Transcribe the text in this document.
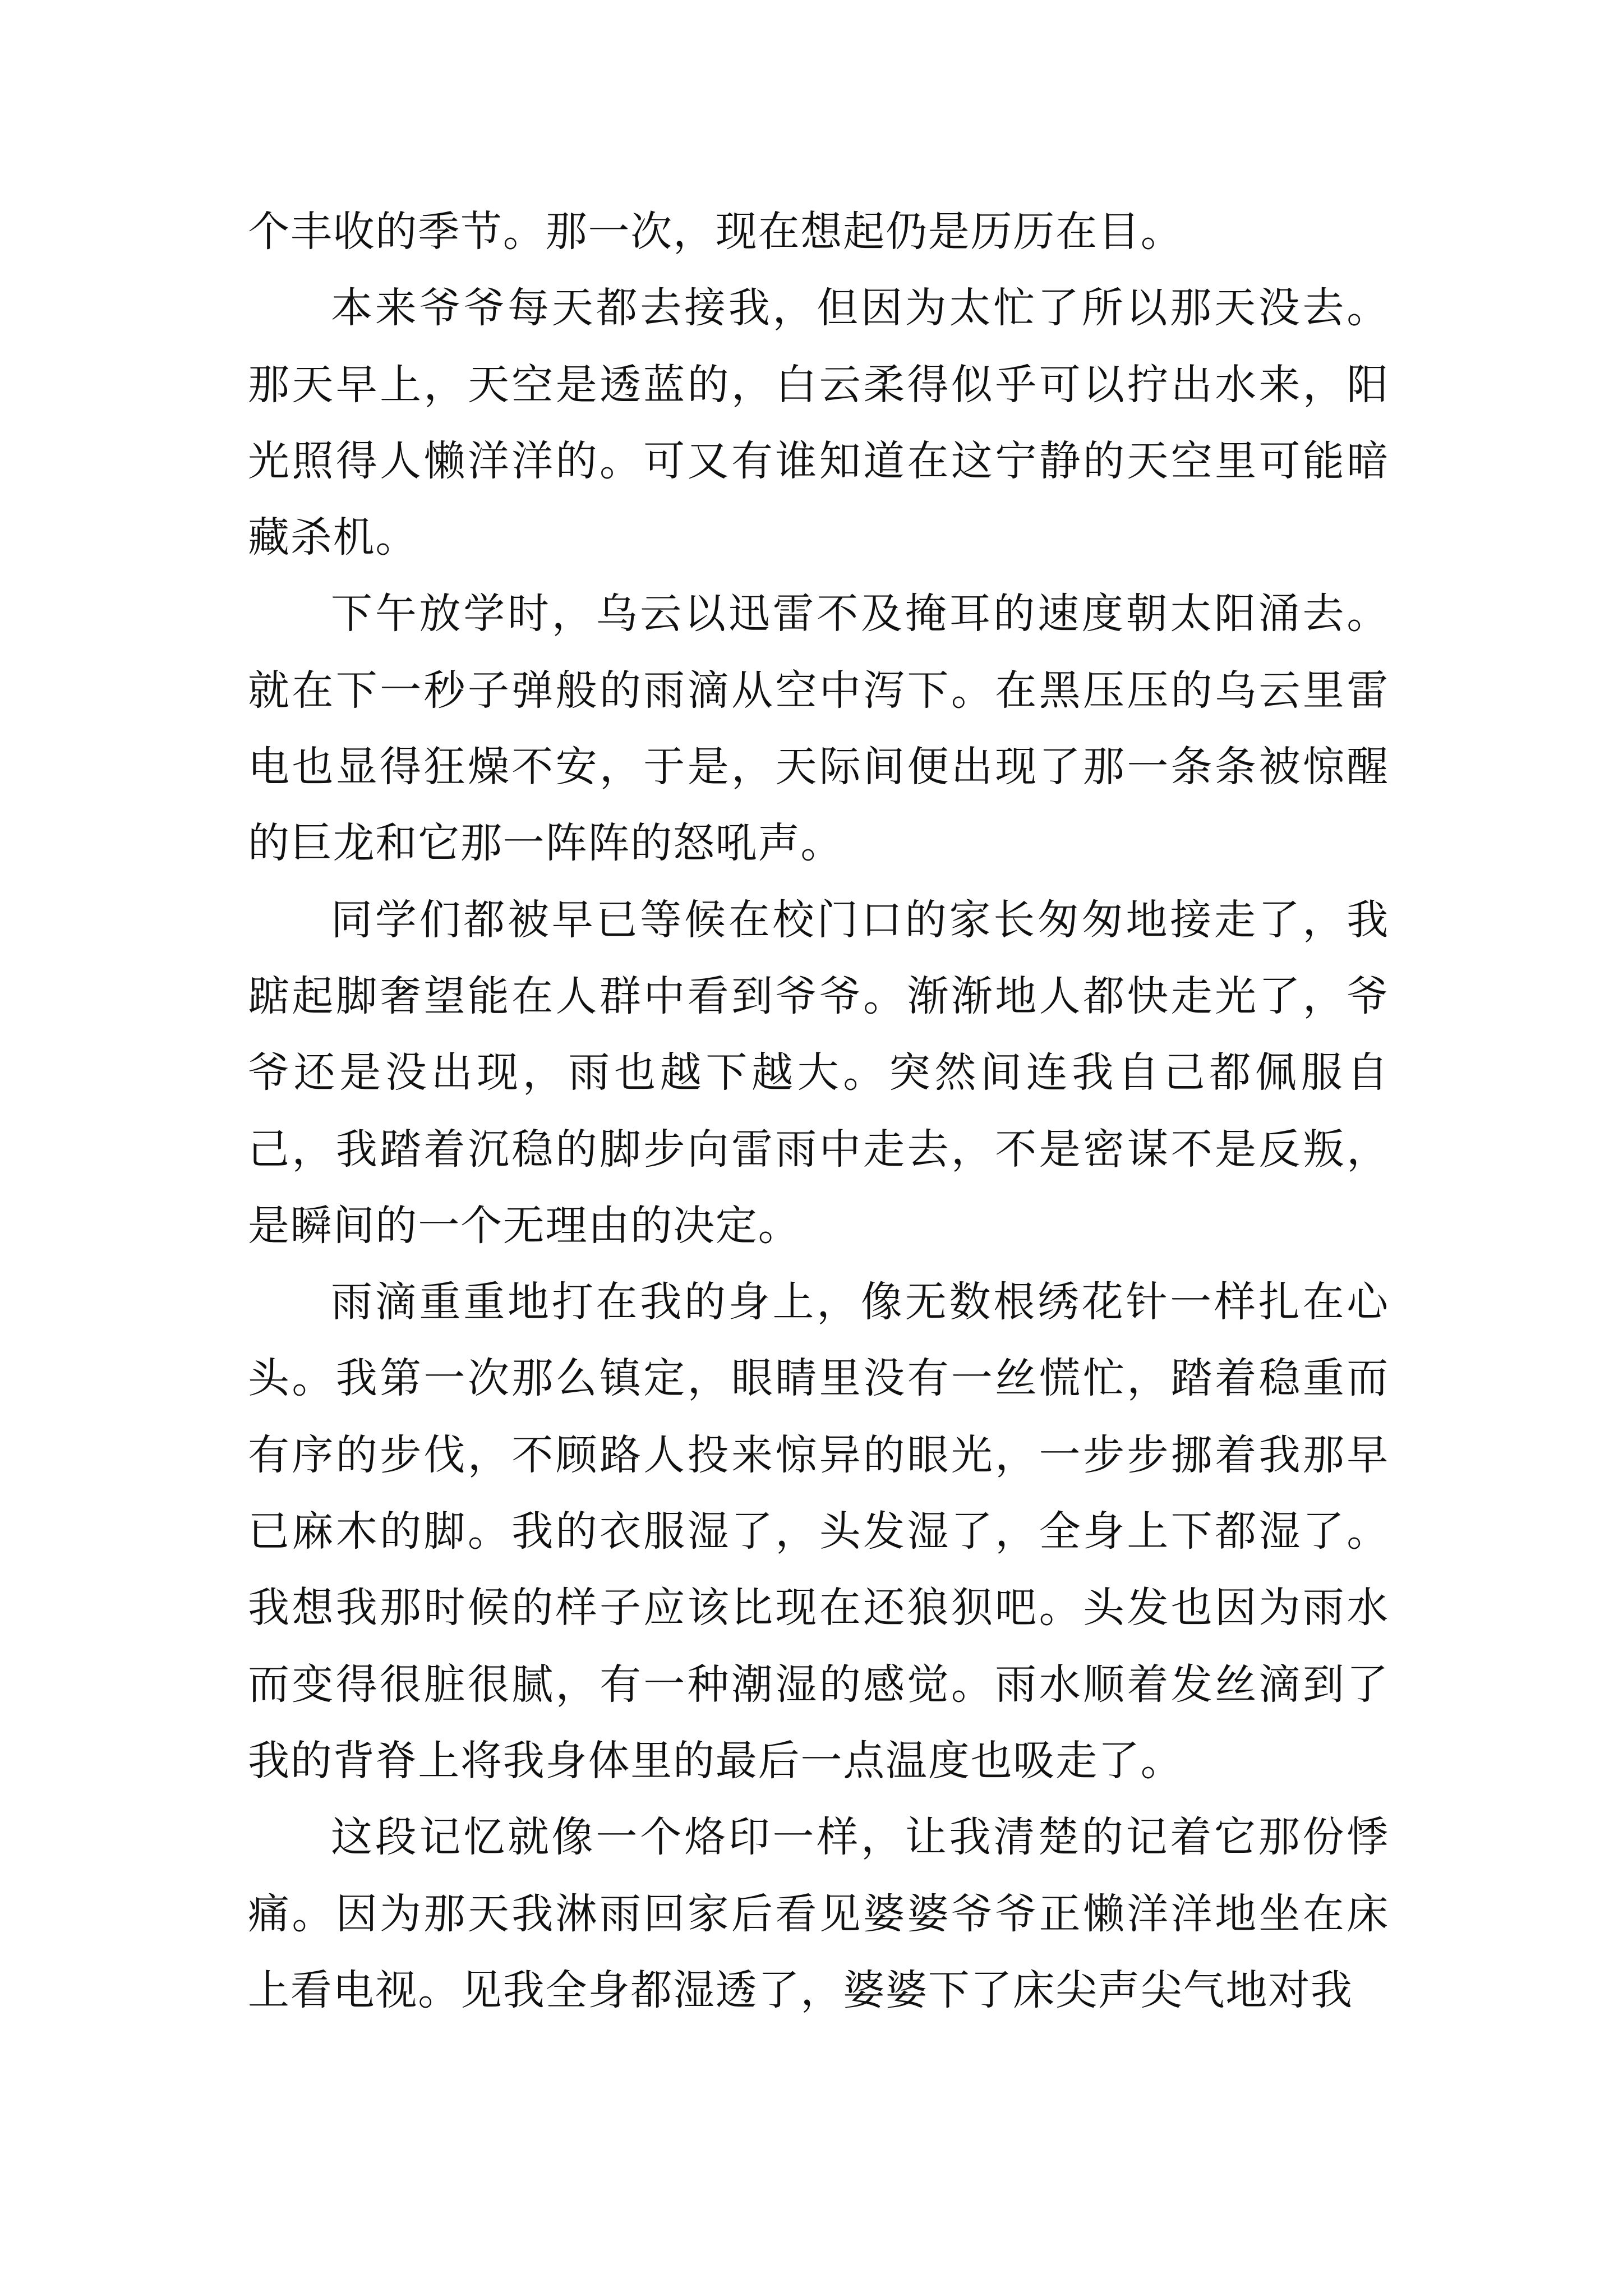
个丰收的季节。那一次，现在想起仍是历历在目。

本来爷爷每天都去接我，但因为太忙了所以那天没去。那天早上，天空是透蓝的，白云柔得似乎可以拧出水来，阳光照得人懒洋洋的。可又有谁知道在这宁静的天空里可能暗藏杀机。

下午放学时，乌云以迅雷不及掩耳的速度朝太阳涌去。就在下一秒子弹般的雨滴从空中泻下。在黑压压的乌云里雷电也显得狂燥不安，于是，天际间便出现了那一条条被惊醒的巨龙和它那一阵阵的怒吼声。

同学们都被早已等候在校门口的家长匆匆地接走了，我踮起脚奢望能在人群中看到爷爷。渐渐地人都快走光了，爷爷还是没出现，雨也越下越大。突然间连我自己都佩服自己，我踏着沉稳的脚步向雷雨中走去，不是密谋不是反叛，是瞬间的一个无理由的决定。

雨滴重重地打在我的身上，像无数根绣花针一样扎在心头。我第一次那么镇定，眼睛里没有一丝慌忙，踏着稳重而有序的步伐，不顾路人投来惊异的眼光，一步步挪着我那早已麻木的脚。我的衣服湿了，头发湿了，全身上下都湿了。我想我那时候的样子应该比现在还狼狈吧。头发也因为雨水而变得很脏很腻，有一种潮湿的感觉。雨水顺着发丝滴到了我的背脊上将我身体里的最后一点温度也吸走了。

这段记忆就像一个烙印一样，让我清楚的记着它那份悸痛。因为那天我淋雨回家后看见婆婆爷爷正懒洋洋地坐在床上看电视。见我全身都湿透了，婆婆下了床尖声尖气地对我
